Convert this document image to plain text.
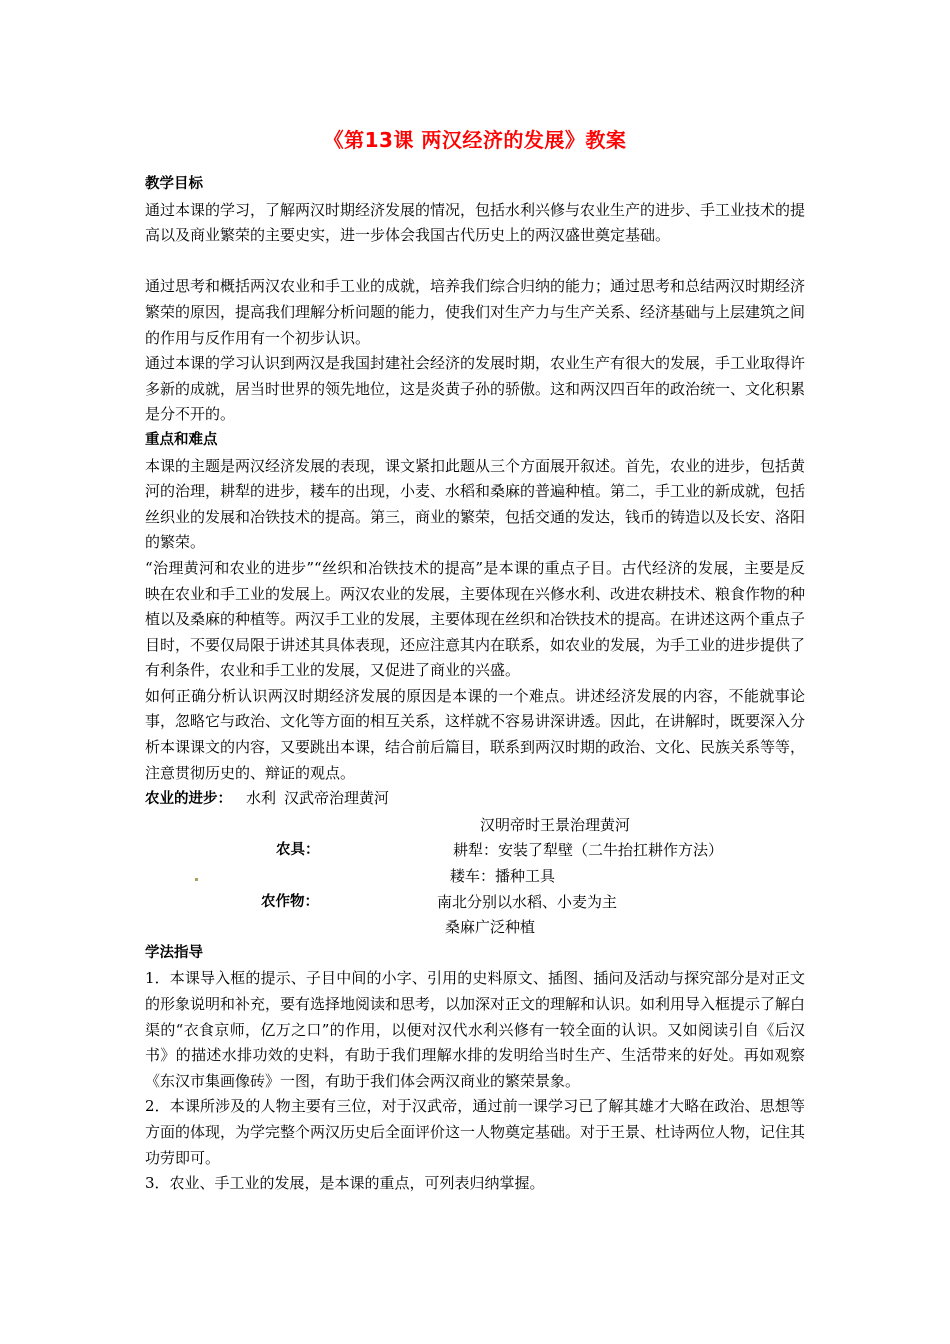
《第13课 两汉经济的发展》教案
教学目标

通过本课的学习，了解两汉时期经济发展的情况，包括水利兴修与农业生产的进步、手工业技术的提高以及商业繁荣的主要史实，进一步体会我国古代历史上的两汉盛世奠定基础。

通过思考和概括两汉农业和手工业的成就，培养我们综合归纳的能力；通过思考和总结两汉时期经济繁荣的原因，提高我们理解分析问题的能力，使我们对生产力与生产关系、经济基础与上层建筑之间的作用与反作用有一个初步认识。

通过本课的学习认识到两汉是我国封建社会经济的发展时期，农业生产有很大的发展，手工业取得许多新的成就，居当时世界的领先地位，这是炎黄子孙的骄傲。这和两汉四百年的政治统一、文化积累是分不开的。

重点和难点

本课的主题是两汉经济发展的表现，课文紧扣此题从三个方面展开叙述。首先，农业的进步，包括黄河的治理，耕犁的进步，耧车的出现，小麦、水稻和桑麻的普遍种植。第二，手工业的新成就，包括丝织业的发展和冶铁技术的提高。第三，商业的繁荣，包括交通的发达，钱币的铸造以及长安、洛阳的繁荣。

“治理黄河和农业的进步”“丝织和冶铁技术的提高”是本课的重点子目。古代经济的发展，主要是反映在农业和手工业的发展上。两汉农业的发展，主要体现在兴修水利、改进农耕技术、粮食作物的种植以及桑麻的种植等。两汉手工业的发展，主要体现在丝织和冶铁技术的提高。在讲述这两个重点子目时，不要仅局限于讲述其具体表现，还应注意其内在联系，如农业的发展，为手工业的进步提供了有利条件，农业和手工业的发展，又促进了商业的兴盛。

如何正确分析认识两汉时期经济发展的原因是本课的一个难点。讲述经济发展的内容，不能就事论事，忽略它与政治、文化等方面的相互关系，这样就不容易讲深讲透。因此，在讲解时，既要深入分析本课课文的内容，又要跳出本课，结合前后篇目，联系到两汉时期的政治、文化、民族关系等等，注意贯彻历史的、辩证的观点。

农业的进步： 水利 汉武帝治理黄河
汉明帝时王景治理黄河
农具：	耕犁：安装了犁壁（二牛抬扛耕作方法）
耧车：播种工具
农作物：	南北分别以水稻、小麦为主
桑麻广泛种植
学法指导

1．本课导入框的提示、子目中间的小字、引用的史料原文、插图、插问及活动与探究部分是对正文的形象说明和补充，要有选择地阅读和思考，以加深对正文的理解和认识。如利用导入框提示了解白渠的“衣食京师，亿万之口”的作用，以便对汉代水利兴修有一较全面的认识。又如阅读引自《后汉书》的描述水排功效的史料，有助于我们理解水排的发明给当时生产、生活带来的好处。再如观察《东汉市集画像砖》一图，有助于我们体会两汉商业的繁荣景象。

2．本课所涉及的人物主要有三位，对于汉武帝，通过前一课学习已了解其雄才大略在政治、思想等方面的体现，为学完整个两汉历史后全面评价这一人物奠定基础。对于王景、杜诗两位人物，记住其功劳即可。

3．农业、手工业的发展，是本课的重点，可列表归纳掌握。
